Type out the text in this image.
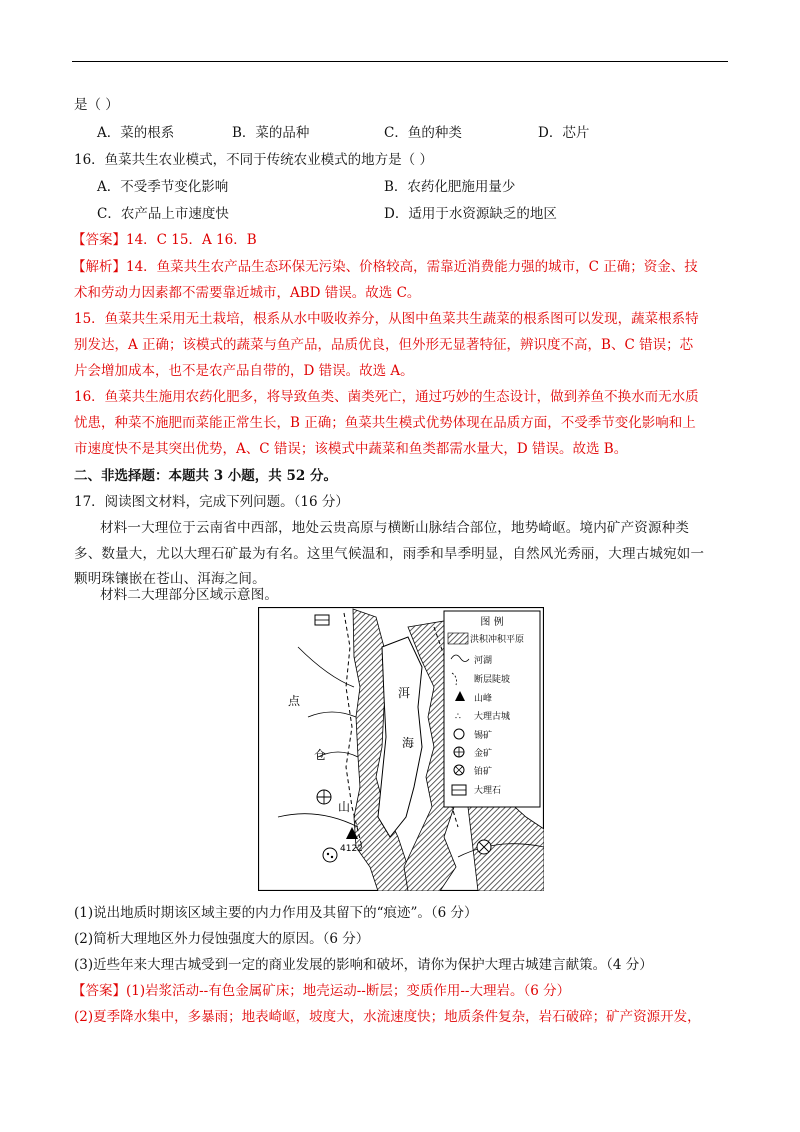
是（ ）
A．菜的根系	B．菜的品种	C．鱼的种类	D．芯片
16．鱼菜共生农业模式，不同于传统农业模式的地方是（ ）
A．不受季节变化影响	B．农药化肥施用量少
C．农产品上市速度快	D．适用于水资源缺乏的地区
【答案】14．C 15．A 16．B
【解析】14．鱼菜共生农产品生态环保无污染、价格较高，需靠近消费能力强的城市，C 正确；资金、技
术和劳动力因素都不需要靠近城市，ABD 错误。故选 C。
15．鱼菜共生采用无土栽培，根系从水中吸收养分，从图中鱼菜共生蔬菜的根系图可以发现，蔬菜根系特
别发达，A 正确；该模式的蔬菜与鱼产品，品质优良，但外形无显著特征，辨识度不高，B、C 错误；芯
片会增加成本，也不是农产品自带的，D 错误。故选 A。
16．鱼菜共生施用农药化肥多，将导致鱼类、菌类死亡，通过巧妙的生态设计，做到养鱼不换水而无水质
忧患，种菜不施肥而菜能正常生长，B 正确；鱼菜共生模式优势体现在品质方面，不受季节变化影响和上
市速度快不是其突出优势，A、C 错误；该模式中蔬菜和鱼类都需水量大，D 错误。故选 B。
二、非选择题：本题共 3 小题，共 52 分。
17．阅读图文材料，完成下列问题。（16 分）
材料一大理位于云南省中西部，地处云贵高原与横断山脉结合部位，地势崎岖。境内矿产资源种类
多、数量大，尤以大理石矿最为有名。这里气候温和，雨季和旱季明显，自然风光秀丽，大理古城宛如一
颗明珠镶嵌在苍山、洱海之间。
材料二大理部分区域示意图。
图 例
洪积冲积平原
河湖
断层陡坡
山峰
∴ 大理古城
锡矿
金矿
铂矿
大理石
点
仓
山
洱
海
4122
(1)说出地质时期该区域主要的内力作用及其留下的“痕迹”。（6 分）
(2)简析大理地区外力侵蚀强度大的原因。（6 分）
(3)近些年来大理古城受到一定的商业发展的影响和破坏，请你为保护大理古城建言献策。（4 分）
【答案】(1)岩浆活动--有色金属矿床；地壳运动--断层；变质作用--大理岩。（6 分）
(2)夏季降水集中，多暴雨；地表崎岖，坡度大，水流速度快；地质条件复杂，岩石破碎；矿产资源开发，
